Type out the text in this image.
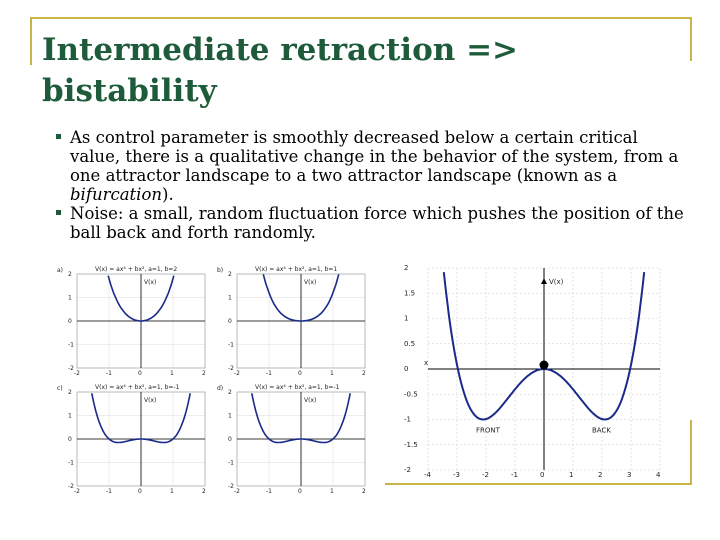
Intermediate retraction =>
bistability
As control parameter is smoothly decreased below a certain critical value, there is a qualitative change in the behavior of the system, from a one attractor landscape to a two attractor landscape (known as a bifurcation).
Noise: a small, random fluctuation force which pushes the position of the ball back and forth randomly.
a)	V(x) = ax⁴ + bx², a=1, b=2
V(x)
-2	-1	0	1	2
2
1
0
-1
-2
b)	V(x) = ax⁴ + bx², a=1, b=1
V(x)
-2	-1	0	1	2
2
1
0
-1
-2
c)	V(x) = ax⁴ + bx², a=1, b=-1
V(x)
-2	-1	0	1	2
2
1
0
-1
-2
d)	V(x) = ax⁴ + bx², a=1, b=-1
V(x)
-2	-1	0	1	2
2
1
0
-1
-2
-4	-3	-2	-1	0	1	2	3	4
2
1.5
1
0.5
0
-0.5
-1
-1.5
-2
V(x)
x
FRONT	BACK
